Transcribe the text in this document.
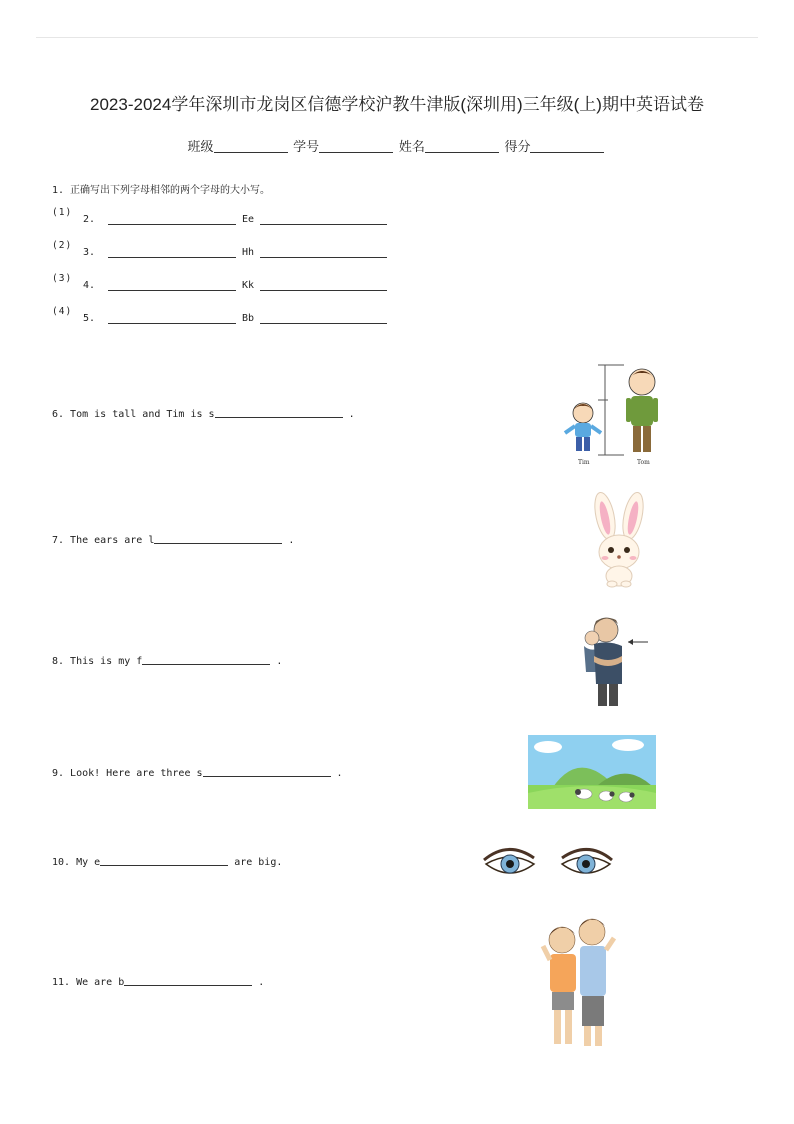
2023-2024学年深圳市龙岗区信德学校沪教牛津版(深圳用)三年级(上)期中英语试卷
班级	学号	姓名	得分
1. 正确写出下列字母相邻的两个字母的大小写。
(1)
2.	Ee
(2)
3.	Hh
(3)
4.	Kk
(4)
5.	Bb
6. Tom is tall and Tim is s	.
7. The ears are l	.
8. This is my f	.
9. Look! Here are three s	.
10. My e	are big.
11. We are b	.
Tim	Tom
